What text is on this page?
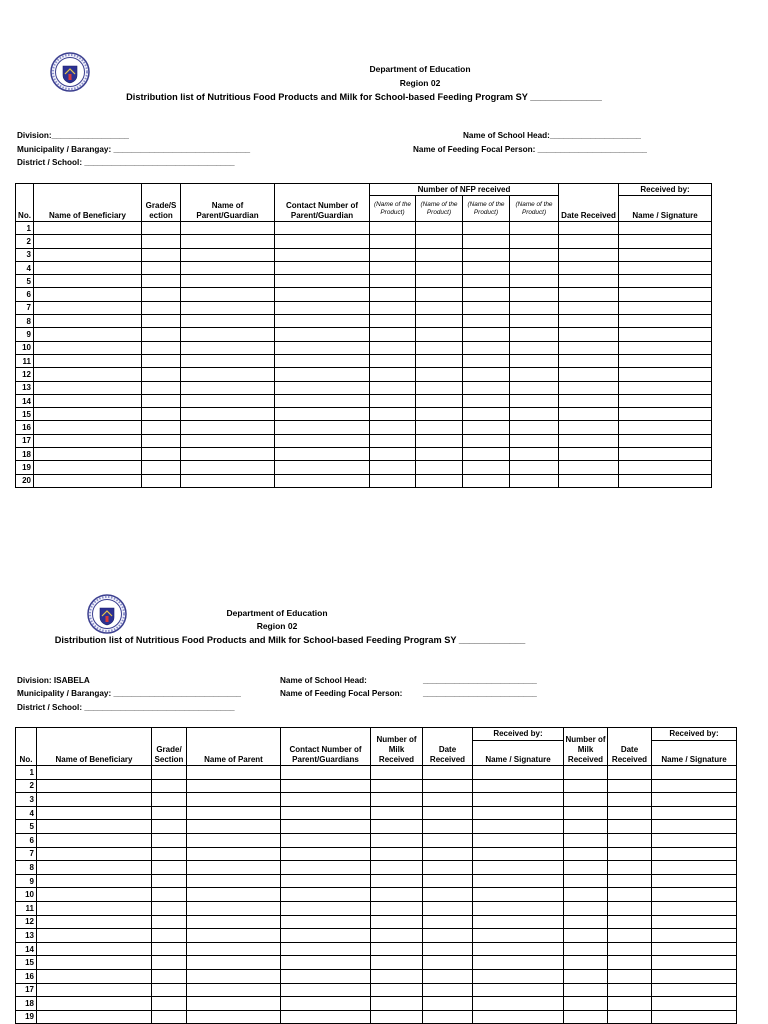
Department of Education
Region 02
Distribution list of Nutritious Food Products and Milk for School-based Feeding Program SY ______________
Division:_________________
Municipality / Barangay: ______________________________
District / School: _________________________________
Name of School Head:____________________
Name of Feeding Focal Person: ________________________
No.	Name of Beneficiary	Grade/S ection	Name of Parent/Guardian	Contact Number of Parent/Guardian	Number of NFP received				Date Received	Received by:
					(Name of the Product)	(Name of the Product)	(Name of the Product)	(Name of the Product)		Name / Signature
1										
2										
3										
4										
5										
6										
7										
8										
9										
10										
11										
12										
13										
14										
15										
16										
17										
18										
19										
20										
Department of Education
Region 02
Distribution list of Nutritious Food Products and Milk for School-based Feeding Program SY _____________
Division: ISABELA
Municipality / Barangay: ____________________________
District / School: _________________________________
Name of School Head:	_________________________
Name of Feeding Focal Person:	_________________________
No.	Name of Beneficiary	Grade/ Section	Name of Parent	Contact Number of Parent/Guardians	Number of Milk Received	Date Received	Received by:	Number of Milk Received	Date Received	Received by:
							Name / Signature			Name / Signature
1										
2										
3										
4										
5										
6										
7										
8										
9										
10										
11										
12										
13										
14										
15										
16										
17										
18										
19										
